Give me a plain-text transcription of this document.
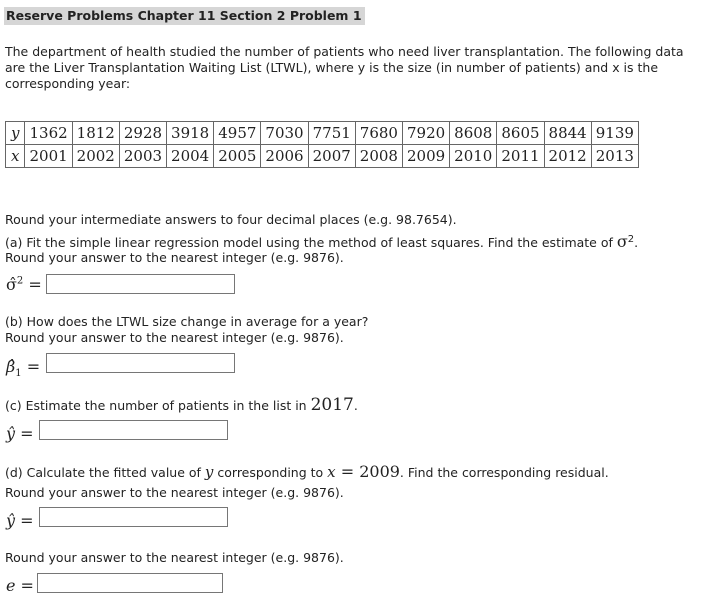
Reserve Problems Chapter 11 Section 2 Problem 1
The department of health studied the number of patients who need liver transplantation. The following data are the Liver Transplantation Waiting List (LTWL), where y is the size (in number of patients) and x is the corresponding year:
y	1362	1812	2928	3918	4957	7030	7751	7680	7920	8608	8605	8844	9139
x	2001	2002	2003	2004	2005	2006	2007	2008	2009	2010	2011	2012	2013
Round your intermediate answers to four decimal places (e.g. 98.7654).
(a) Fit the simple linear regression model using the method of least squares. Find the estimate of $\sigma^2$.
Round your answer to the nearest integer (e.g. 9876).
σ̂$^2$ =
(b) How does the LTWL size change in average for a year?
Round your answer to the nearest integer (e.g. 9876).
$\betâ_1$ =
(c) Estimate the number of patients in the list in 2017.
ŷ =
(d) Calculate the fitted value of y corresponding to x = 2009. Find the corresponding residual.
Round your answer to the nearest integer (e.g. 9876).
ŷ =
Round your answer to the nearest integer (e.g. 9876).
e =
